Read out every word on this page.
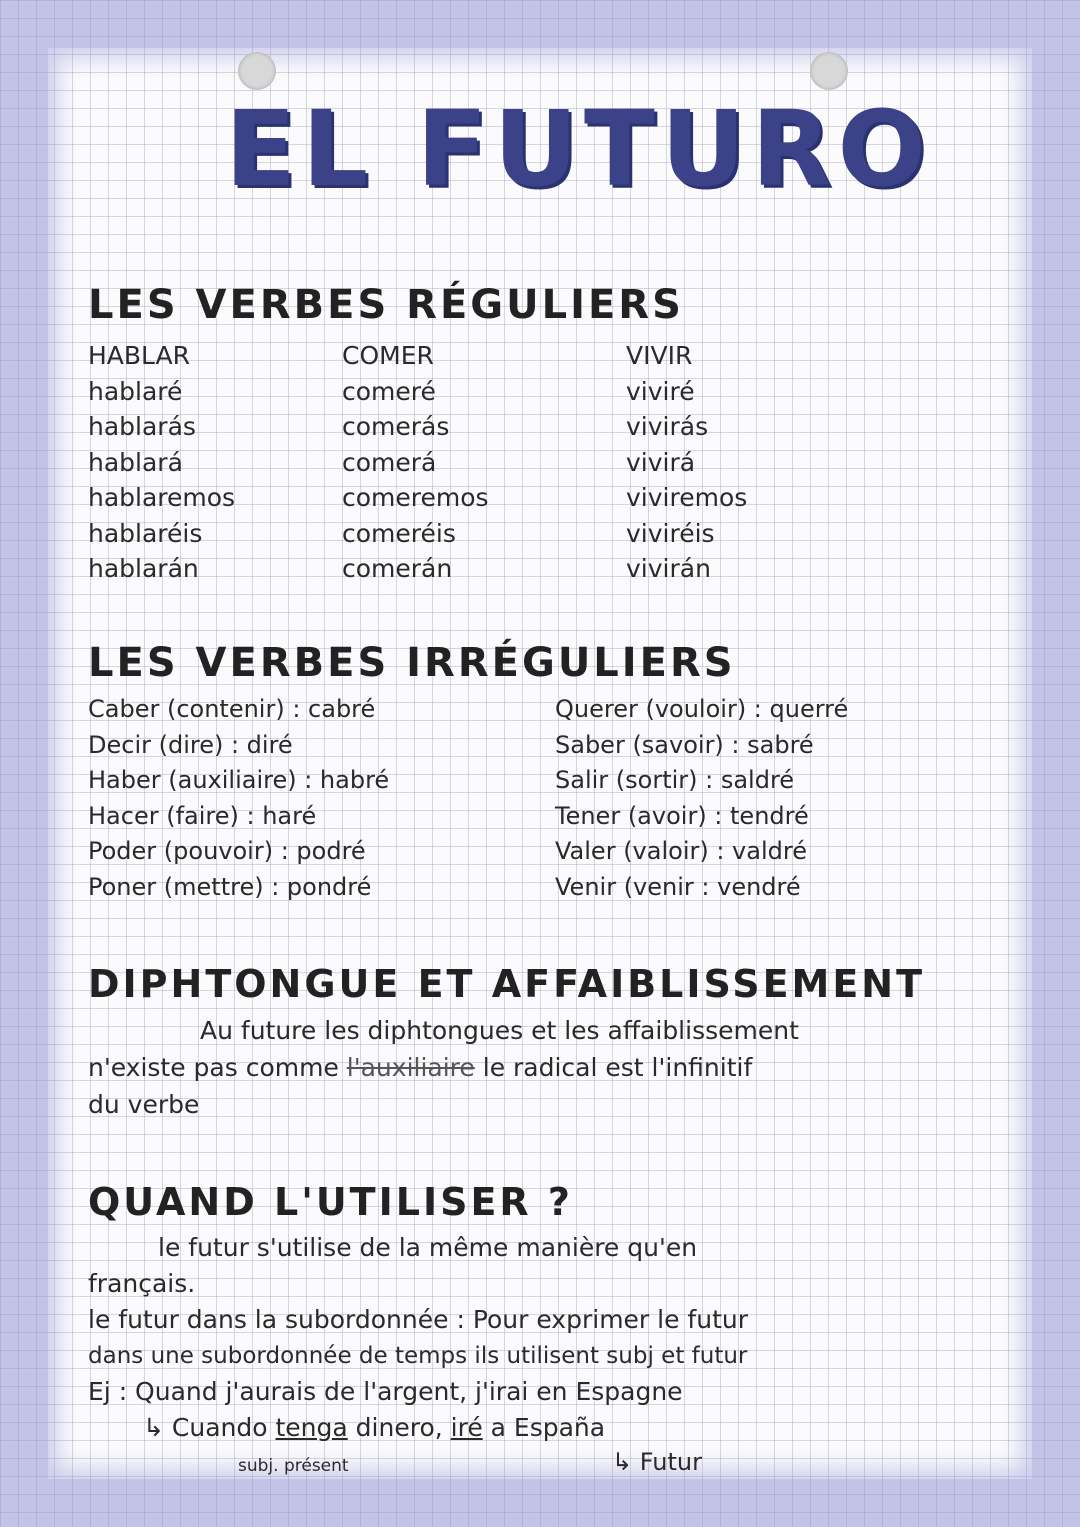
EL FUTURO
LES VERBES RÉGULIERS
HABLAR
hablaré
hablarás
hablará
hablaremos
hablaréis
hablarán
COMER
comeré
comerás
comerá
comeremos
comeréis
comerán
VIVIR
viviré
vivirás
vivirá
viviremos
viviréis
vivirán
LES VERBES IRRÉGULIERS
Caber (contenir) : cabré
Decir (dire) : diré
Haber (auxiliaire) : habré
Hacer (faire) : haré
Poder (pouvoir) : podré
Poner (mettre) : pondré
Querer (vouloir) : querré
Saber (savoir) : sabré
Salir (sortir) : saldré
Tener (avoir) : tendré
Valer (valoir) : valdré
Venir (venir : vendré
DIPHTONGUE ET AFFAIBLISSEMENT
Au future les diphtongues et les affaiblissement
n'existe pas comme l'auxiliaire le radical est l'infinitif
du verbe
QUAND L'UTILISER ?
le futur s'utilise de la même manière qu'en
français.
le futur dans la subordonnée : Pour exprimer le futur
dans une subordonnée de temps ils utilisent subj et futur
Ej : Quand j'aurais de l'argent, j'irai en Espagne
↳ Cuando tenga dinero, iré a España
subj. présent	↳ Futur
